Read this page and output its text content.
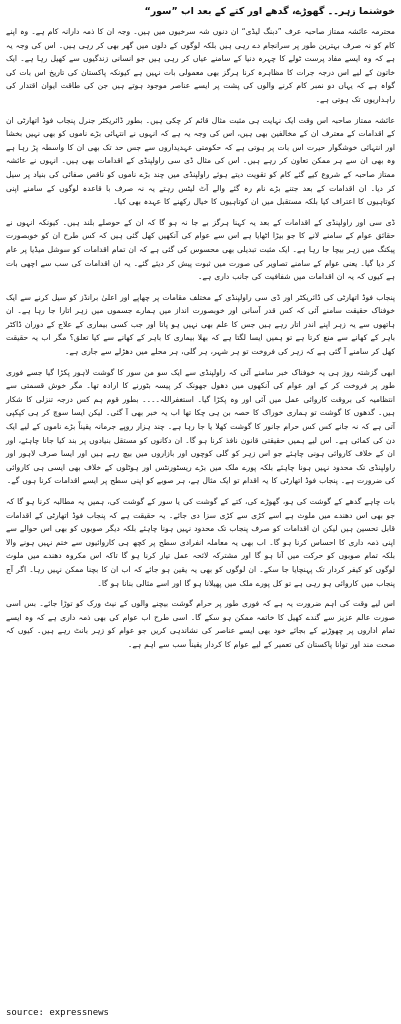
خوشنما زہر۔۔ گھوڑے، گدھے اور کتے کے بعد اب ”سور“

محترمہ عائشہ ممتاز صاحبہ عرف ”دبنگ لیڈی“ ان دنوں شہ سرخیوں میں ہیں۔ وجہ ان کا ذمہ دارانہ کام ہے۔ وہ اپنے کام کو نہ صرف بہترین طور پر سرانجام دے رہی ہیں بلکہ لوگوں کے دلوں میں گھر بھی کر رہی ہیں۔ اس کی وجہ یہ ہے کہ وہ ایسے مفاد پرست ٹولے کا چہرہ دنیا کے سامنے عیاں کر رہی ہیں جو انسانی زندگیوں سے کھیل رہا ہے۔ ایک خاتون کے لیے اس درجہ جرات کا مظاہرہ کرنا ہرگز بھی معمولی بات نہیں ہے کیونکہ پاکستان کی تاریخ اس بات کی گواہ ہے کہ یہاں دو نمبر کام کرنے والوں کی پشت پر ایسے عناصر موجود ہوتے ہیں جن کی طاقت ایوان اقتدار کی راہداریوں تک ہوتی ہے۔

عائشہ ممتاز صاحبہ اس وقت ایک نہایت ہی مثبت مثال قائم کر چکی ہیں۔ بطور ڈائریکٹر جنرل پنجاب فوڈ اتھارٹی ان کے اقدامات کے معترف ان کے مخالفین بھی ہیں، اس کی وجہ یہ ہے کہ انہوں نے انتہائی بڑے ناموں کو بھی نہیں بخشا اور انتہائی خوشگوار حیرت اس بات پر ہوتی ہے کہ حکومتی عہدیداروں سے جس حد تک بھی ان کا واسطہ پڑ رہا ہے وہ بھی ان سے ہر ممکن تعاون کر رہے ہیں۔ اس کی مثال ڈی سی راولپنڈی کے اقدامات بھی ہیں۔ انہوں نے عائشہ ممتاز صاحبہ کے شروع کیے گئے کام کو تقویت دیتے ہوئے راولپنڈی میں چند بڑے ناموں کو ناقص صفائی کی بنیاد پر سیل کر دیا۔ ان اقدامات کے بعد جتنے بڑے نام رہ گئے والے آٹ لیٹس رہتے یہ نہ صرف با قاعدہ لوگوں کے سامنے اپنی کوتاہیوں کا اعتراف کیا بلکہ مستقبل میں ان کوتاہیوں کا خیال رکھنے کا عہدہ بھی کیا۔

ڈی سی اور راولپنڈی کے اقدامات کے بعد یہ کہنا ہرگز بے جا نہ ہو گا کہ ان کے حوصلے بلند ہیں۔ کیونکہ انہوں نے حقائق عوام کے سامنے لانے کا جو بیڑا اٹھایا ہے اس سے عوام کی آنکھیں کھل گئی ہیں کہ کس طرح ان کو خوبصورت پیکنگ میں زہر بیچا جا رہا ہے۔ ایک مثبت تبدیلی بھی محسوس کی گئی ہے کہ ان تمام اقدامات کو سوشل میڈیا پر عام کر دیا گیا۔ یعنی عوام کے سامنے تصاویر کی صورت میں ثبوت پیش کر دیئے گئے۔ یہ ان اقدامات کی سب سے اچھی بات ہے کیوں کہ یہ ان اقدامات میں شفافیت کی جانب داری ہے۔

پنجاب فوڈ اتھارٹی کی ڈائریکٹر اور ڈی سی راولپنڈی کے مختلف مقامات پر چھاپے اور اعلیٰ برانڈز کو سیل کرنے سے ایک خوفناک حقیقت سامنے آئی کہ کس قدر آسانی اور خوبصورت انداز میں ہمارے جسموں میں زہر اتارا جا رہا ہے۔ ان ہاتھوں سے یہ زہر اپنے اندر اتار رہے ہیں جس کا علم بھی نہیں ہو پاتا اور جب کسی بیماری کے علاج کے دوران ڈاکٹر باہر کے کھانے سے منع کرتا ہے تو ہمیں ایسا لگتا ہے کہ بھلا بیماری کا باہر کے کھانے سے کیا تعلق؟ مگر اب یہ حقیقت کھل کر سامنے آ گئی ہے کہ زہر کی فروخت تو ہر شہر، ہر گلی، ہر محلے میں دھڑلے سے جاری ہے۔

ابھی گزشتہ روز ہی یہ خوفناک خبر سامنے آئی کہ راولپنڈی سے ایک سو من سور کا گوشت لاہور پکڑا گیا جسے فوری طور پر فروخت کر کے اور عوام کی آنکھوں میں دھول جھونک کر پیسہ بٹورنے کا ارادہ تھا۔ مگر خوش قسمتی سے انتظامیہ کی بروقت کاروائی عمل میں آئی اور وہ پکڑا گیا۔ استغفراللہ۔۔۔۔ بطور قوم ہم کس درجہ تنزلی کا شکار ہیں۔ گدھوں کا گوشت تو ہماری خوراک کا حصہ بن ہی چکا تھا اب یہ خبر بھی آ گئی۔ لیکن ایسا سوچ کر ہی کپکپی آتی ہے کہ نہ جانے کس کس حرام جانور کا گوشت کھلا یا جا رہا ہے۔ چند ہزار روپے جرمانہ یقیناً بڑے ناموں کے لیے ایک دن کی کمائی ہے۔ اس لیے ہمیں حقیقتی قانون نافذ کرنا ہو گا۔ ان دکانوں کو مستقل بنیادوں پر بند کیا جانا چاہئے، اور ان کے خلاف کاروائی ہونی چاہئے جو اس زہر کو گلی کوچوں اور بازاروں میں بیچ رہے ہیں اور ایسا صرف لاہور اور راولپنڈی تک محدود نہیں ہونا چاہئے بلکہ پورے ملک میں بڑے ریسٹورنٹس اور ہوٹلوں کے خلاف بھی ایسی ہی کاروائی کی ضرورت ہے۔ پنجاب فوڈ اتھارٹی کا یہ اقدام تو ایک مثال ہے، ہر صوبے کو اپنی سطح پر ایسے اقدامات کرنا ہوں گے۔

بات چاہے گدھے کے گوشت کی ہو، گھوڑے کی، کتے کے گوشت کی یا سور کے گوشت کی، ہمیں یہ مطالبہ کرنا ہو گا کہ جو بھی اس دھندے میں ملوث ہے اسے کڑی سے کڑی سزا دی جائے۔ یہ حقیقت ہے کہ پنجاب فوڈ اتھارٹی کے اقدامات قابل تحسین ہیں لیکن ان اقدامات کو صرف پنجاب تک محدود نہیں ہونا چاہئے بلکہ دیگر صوبوں کو بھی اس حوالے سے اپنی ذمہ داری کا احساس کرنا ہو گا۔ اب بھی یہ معاملہ انفرادی سطح پر کچھ ہی کاروائیوں سے ختم نہیں ہونے والا بلکہ تمام صوبوں کو حرکت میں آنا ہو گا اور مشترکہ لائحہ عمل تیار کرنا ہو گا تاکہ اس مکروہ دھندے میں ملوث لوگوں کو کیفر کردار تک پہنچایا جا سکے۔ ان لوگوں کو بھی یہ یقین ہو جائے کہ اب ان کا بچنا ممکن نہیں رہا۔ اگر آج پنجاب میں کاروائی ہو رہی ہے تو کل پورے ملک میں پھیلانا ہو گا اور اسے مثالی بنانا ہو گا۔

اس لیے وقت کی اہم ضرورت یہ ہے کہ فوری طور پر حرام گوشت بیچنے والوں کے نیٹ ورک کو توڑا جائے۔ بس اسی صورت عالم عزیز سے گندے کھیل کا خاتمہ ممکن ہو سکے گا۔ اسی طرح اب عوام کی بھی ذمہ داری ہے کہ وہ ایسے تمام اداروں پر چھوڑنے کے بجائے خود بھی ایسے عناصر کی نشاندہی کریں جو عوام کو زہر بانٹ رہے ہیں۔ کیوں کہ صحت مند اور توانا پاکستان کی تعمیر کے لیے عوام کا کردار یقیناً سب سے اہم ہے۔

source: expressnews
